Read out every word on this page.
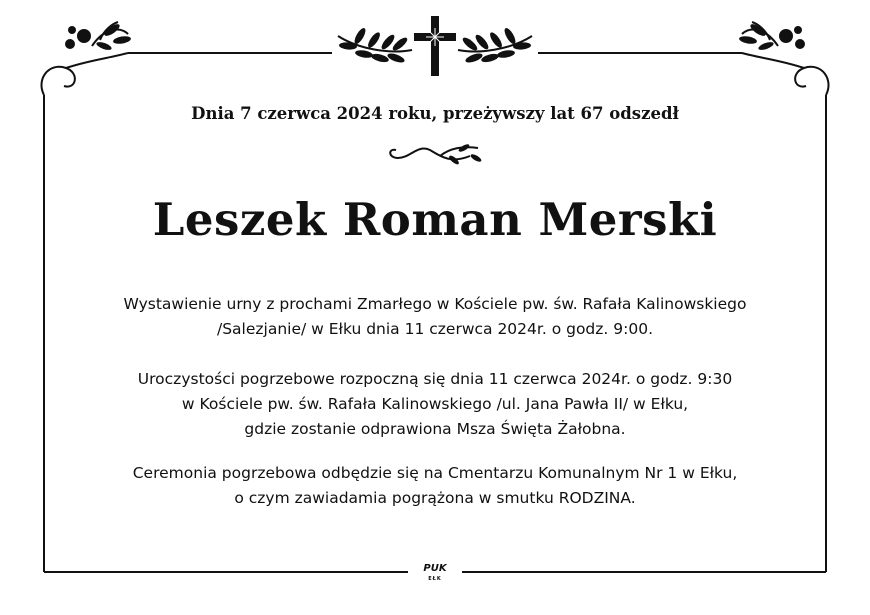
Dnia 7 czerwca 2024 roku, przeżywszy lat 67 odszedł
Leszek Roman Merski
Wystawienie urny z prochami Zmarłego w Kościele pw. św. Rafała Kalinowskiego
/Salezjanie/ w Ełku dnia 11 czerwca 2024r. o godz. 9:00.
Uroczystości pogrzebowe rozpoczną się dnia 11 czerwca 2024r. o godz. 9:30
w Kościele pw. św. Rafała Kalinowskiego /ul. Jana Pawła II/ w Ełku,
gdzie zostanie odprawiona Msza Święta Żałobna.
Ceremonia pogrzebowa odbędzie się na Cmentarzu Komunalnym Nr 1 w Ełku,
o czym zawiadamia pogrążona w smutku RODZINA.
PUK
EŁK
